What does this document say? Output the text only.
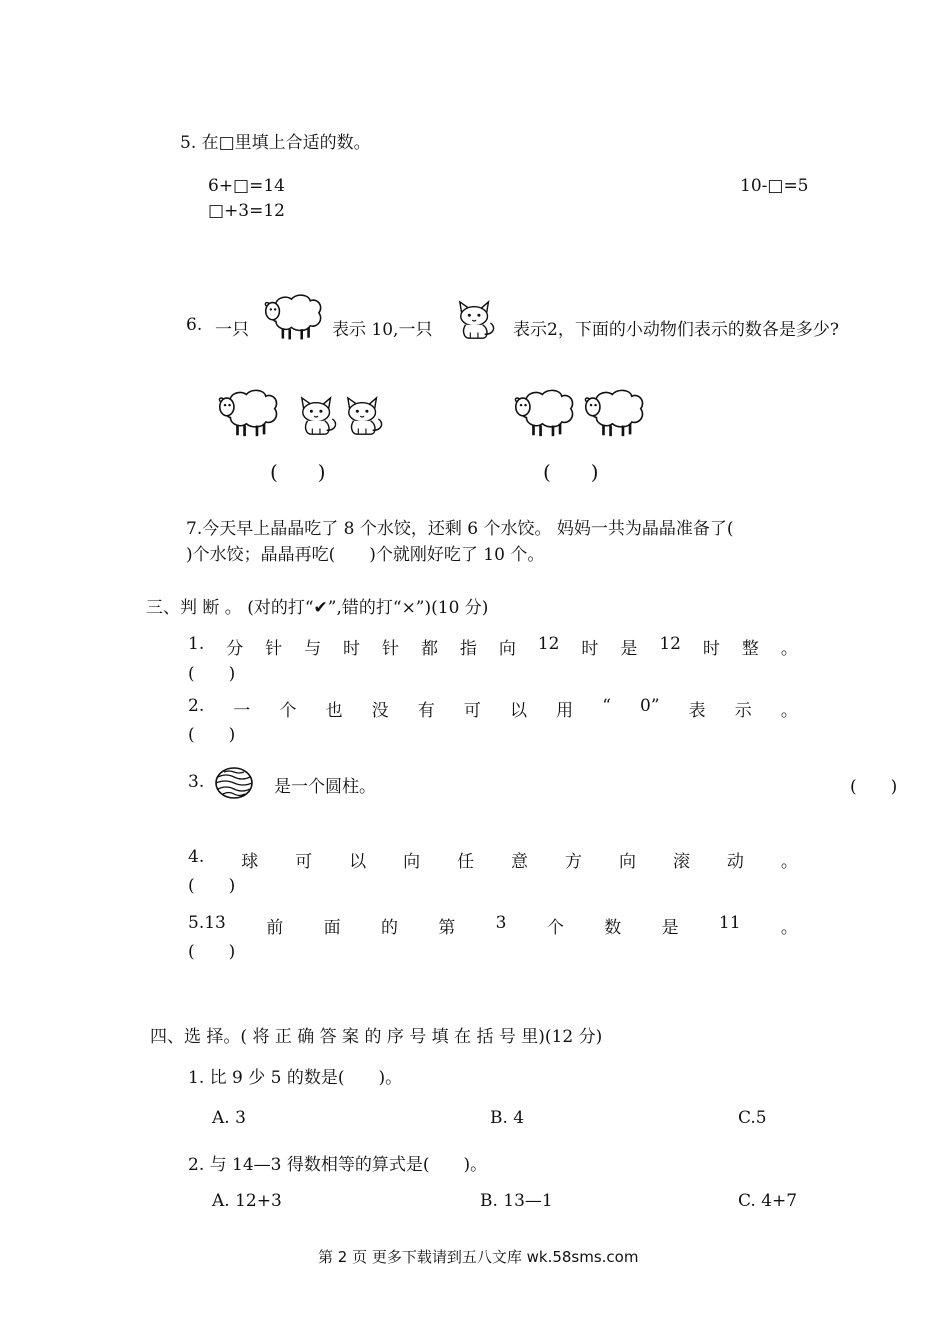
5. 在□里填上合适的数。
6+□=14	10-□=5
□+3=12
6. 一只	表示 10,一只	表示2，下面的小动物们表示的数各是多少?
(　　)	(　　)
7.今天早上晶晶吃了 8 个水饺，还剩 6 个水饺。 妈妈一共为晶晶准备了(
)个水饺；晶晶再吃(　　)个就刚好吃了 10 个。
三、判 断 。 (对的打“✔”,错的打“×”)(10 分)
1. 分 针 与 时 针 都 指 向 12 时 是 12 时 整 。
(　　)
2. 一 个 也 没 有 可 以 用 “ 0” 表 示 。
(　　)
3.	是一个圆柱。	(　　)
4. 球 可 以 向 任 意 方 向 滚 动 。
(　　)
5.13 前 面 的 第 3 个 数 是 11 。
(　　)
四、选 择。( 将 正 确 答 案 的 序 号 填 在 括 号 里)(12 分)
1. 比 9 少 5 的数是(　　)。
A. 3	B. 4	C.5
2. 与 14—3 得数相等的算式是(　　)。
A. 12+3	B. 13—1	C. 4+7
第 2 页 更多下载请到五八文库 wk.58sms.com
